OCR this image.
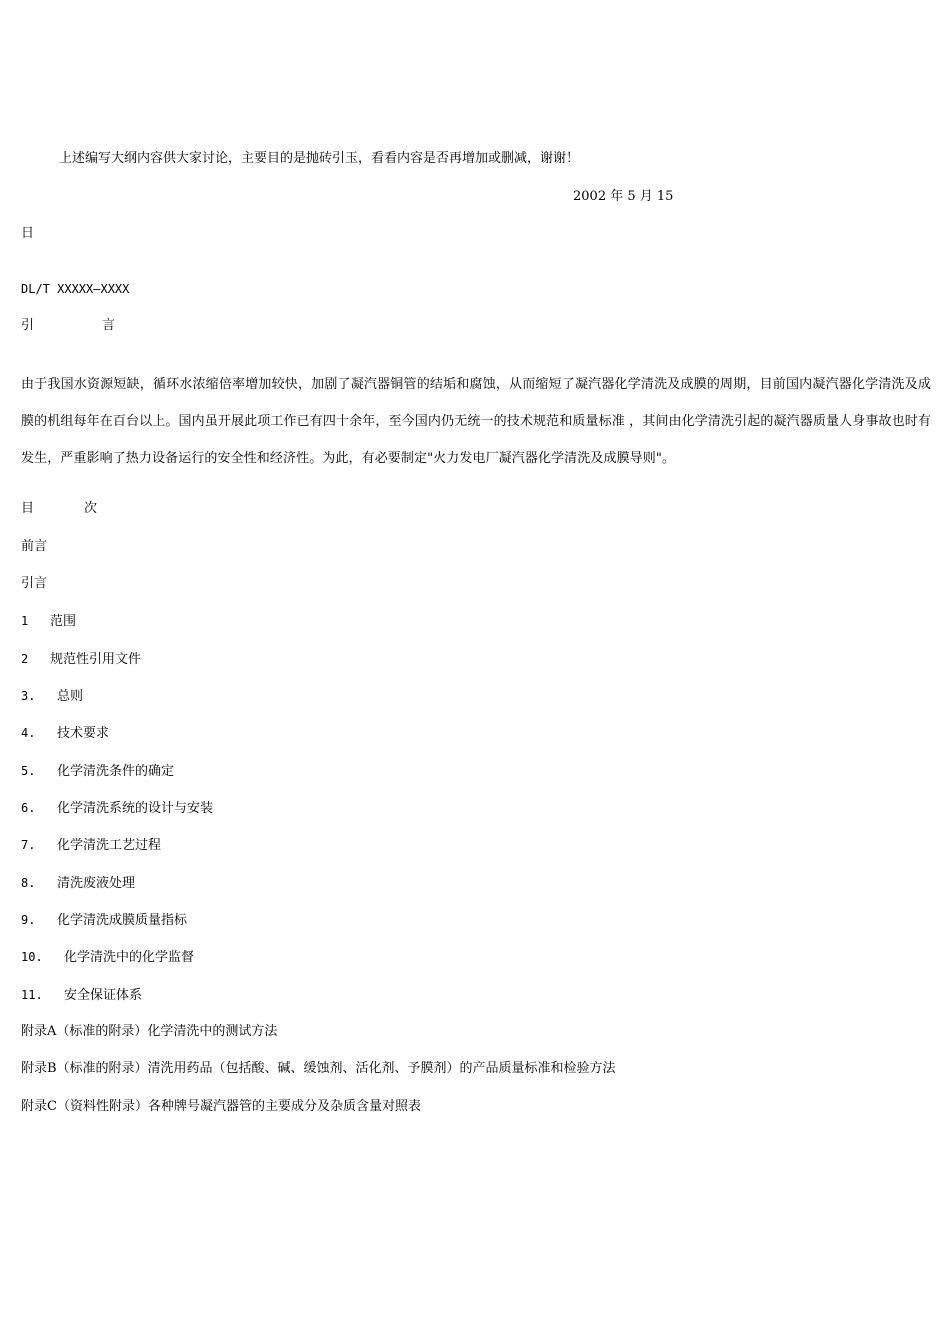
上述编写大纲内容供大家讨论，主要目的是抛砖引玉，看看内容是否再增加或删减，谢谢！
2002 年 5 月 15
日
DL/T XXXXX—XXXX
引	言
由于我国水资源短缺，循环水浓缩倍率增加较快，加剧了凝汽器铜管的结垢和腐蚀，从而缩短了凝汽器化学清洗及成膜的周期，目前国内凝汽器化学清洗及成膜的机组每年在百台以上。国内虽开展此项工作已有四十余年，至今国内仍无统一的技术规范和质量标准 ，其间由化学清洗引起的凝汽器质量人身事故也时有发生，严重影响了热力设备运行的安全性和经济性。为此，有必要制定"火力发电厂凝汽器化学清洗及成膜导则"。
目	次
前言
引言
1 范围
2 规范性引用文件
3. 总则
4. 技术要求
5. 化学清洗条件的确定
6. 化学清洗系统的设计与安装
7. 化学清洗工艺过程
8. 清洗废液处理
9. 化学清洗成膜质量指标
10. 化学清洗中的化学监督
11. 安全保证体系
附录A（标准的附录）化学清洗中的测试方法
附录B（标准的附录）清洗用药品（包括酸、碱、缓蚀剂、活化剂、予膜剂）的产品质量标准和检验方法
附录C（资料性附录）各种牌号凝汽器管的主要成分及杂质含量对照表
